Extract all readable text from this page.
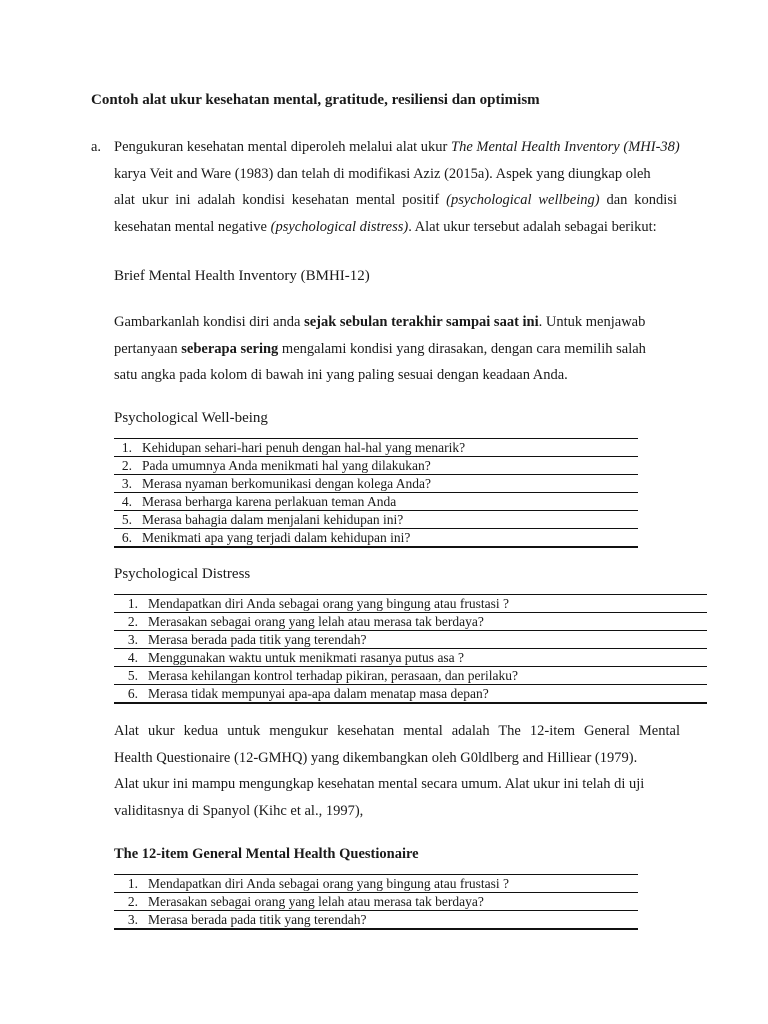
Contoh alat ukur kesehatan mental, gratitude, resiliensi dan optimism
a. Pengukuran kesehatan mental diperoleh melalui alat ukur The Mental Health Inventory (MHI-38)
karya Veit and Ware (1983) dan telah di modifikasi Aziz (2015a). Aspek yang diungkap oleh
alat ukur ini adalah kondisi kesehatan mental positif (psychological wellbeing) dan kondisi
kesehatan mental negative (psychological distress). Alat ukur tersebut adalah sebagai berikut:
Brief Mental Health Inventory (BMHI-12)
Gambarkanlah kondisi diri anda sejak sebulan terakhir sampai saat ini. Untuk menjawab
pertanyaan seberapa sering mengalami kondisi yang dirasakan, dengan cara memilih salah
satu angka pada kolom di bawah ini yang paling sesuai dengan keadaan Anda.
Psychological Well-being
1.	Kehidupan sehari-hari penuh dengan hal-hal yang menarik?
2.	Pada umumnya Anda menikmati hal yang dilakukan?
3.	Merasa nyaman berkomunikasi dengan kolega Anda?
4.	Merasa berharga karena perlakuan teman Anda
5.	Merasa bahagia dalam menjalani kehidupan ini?
6.	Menikmati apa yang terjadi dalam kehidupan ini?
Psychological Distress
1.	Mendapatkan diri Anda sebagai orang yang bingung atau frustasi ?
2.	Merasakan sebagai orang yang lelah atau merasa tak berdaya?
3.	Merasa berada pada titik yang terendah?
4.	Menggunakan waktu untuk menikmati rasanya putus asa ?
5.	Merasa kehilangan kontrol terhadap pikiran, perasaan, dan perilaku?
6.	Merasa tidak mempunyai apa-apa dalam menatap masa depan?
Alat ukur kedua untuk mengukur kesehatan mental adalah The 12-item General Mental
Health Questionaire (12-GMHQ) yang dikembangkan oleh G0ldlberg and Hilliear (1979).
Alat ukur ini mampu mengungkap kesehatan mental secara umum. Alat ukur ini telah di uji
validitasnya di Spanyol (Kihc et al., 1997),
The 12-item General Mental Health Questionaire
1.	Mendapatkan diri Anda sebagai orang yang bingung atau frustasi ?
2.	Merasakan sebagai orang yang lelah atau merasa tak berdaya?
3.	Merasa berada pada titik yang terendah?
